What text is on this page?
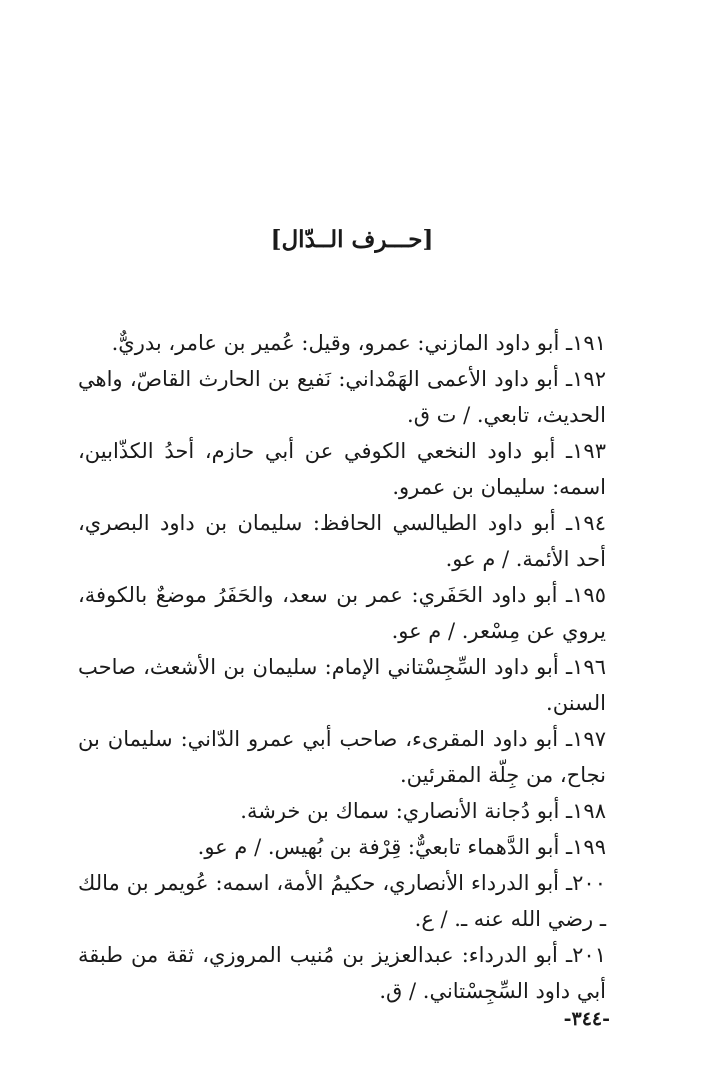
[حـــرف الــدّال]

١٩١ـ أبو داود المازني: عمرو، وقيل: عُمير بن عامر، بدريٌّ.

١٩٢ـ أبو داود الأعمى الهَمْداني: نَفيع بن الحارث القاصّ، واهي الحديث، تابعي. / ت ق.

١٩٣ـ أبو داود النخعي الكوفي عن أبي حازم، أحدُ الكذّابين، اسمه: سليمان بن عمرو.

١٩٤ـ أبو داود الطيالسي الحافظ: سليمان بن داود البصري، أحد الأئمة. / م عو.

١٩٥ـ أبو داود الحَفَري: عمر بن سعد، والحَفَرُ موضعٌ بالكوفة، يروي عن مِسْعر. / م عو.

١٩٦ـ أبو داود السِّجِسْتاني الإمام: سليمان بن الأشعث، صاحب السنن.

١٩٧ـ أبو داود المقرىء، صاحب أبي عمرو الدّاني: سليمان بن نجاح، من جِلّة المقرئين.

١٩٨ـ أبو دُجانة الأنصاري: سماك بن خرشة.

١٩٩ـ أبو الدَّهماء تابعيٌّ: قِرْفة بن بُهيس. / م عو.

٢٠٠ـ أبو الدرداء الأنصاري، حكيمُ الأمة، اسمه: عُويمر بن مالك ـ رضي الله عنه ـ. / ع.

٢٠١ـ أبو الدرداء: عبدالعزيز بن مُنيب المروزي، ثقة من طبقة أبي داود السِّجِسْتاني. / ق.

-٣٤٤-
